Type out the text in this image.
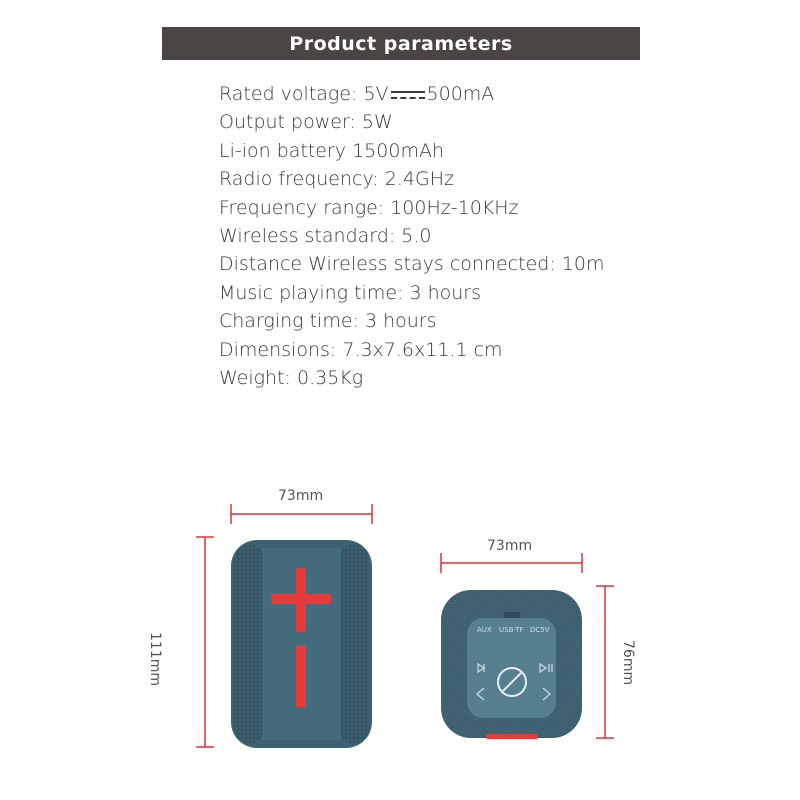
Product parameters
Rated voltage: 5V 500mA
Output power: 5W
Li-ion battery 1500mAh
Radio frequency: 2.4GHz
Frequency range: 100Hz-10KHz
Wireless standard: 5.0
Distance Wireless stays connected: 10m
Music playing time: 3 hours
Charging time: 3 hours
Dimensions: 7.3x7.6x11.1 cm
Weight: 0.35Kg
AUX USB-TF DC5V
73mm
111mm
73mm
76mm
